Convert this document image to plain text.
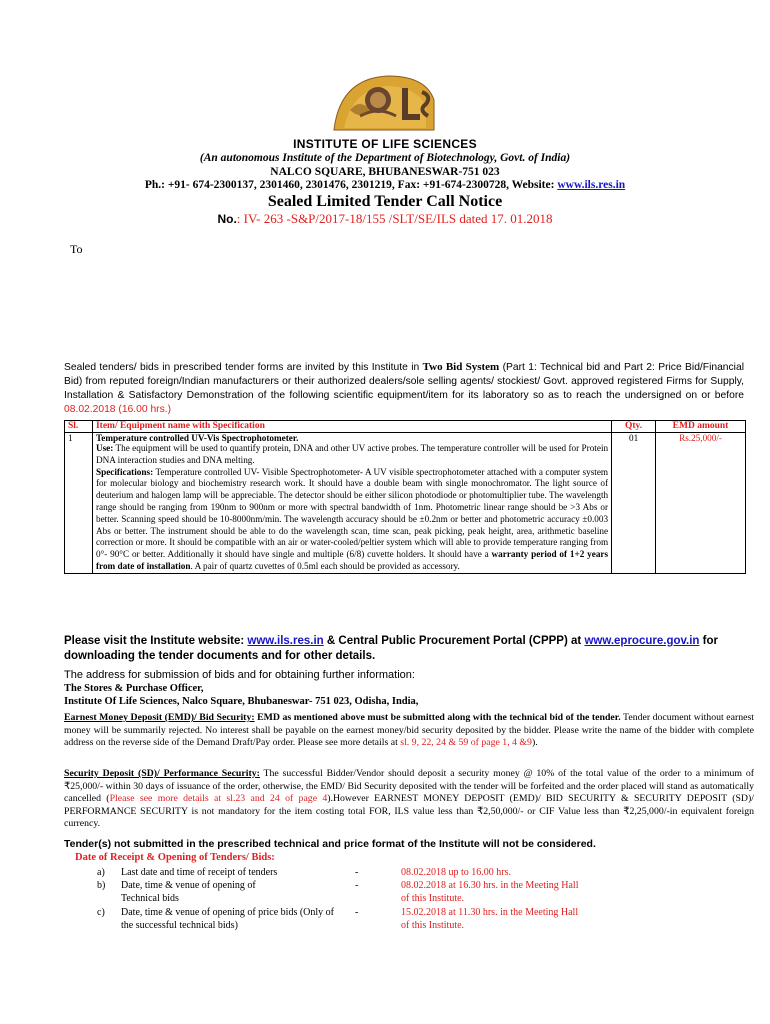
INSTITUTE OF LIFE SCIENCES
(An autonomous Institute of the Department of Biotechnology, Govt. of India)
NALCO SQUARE, BHUBANESWAR-751 023
Ph.: +91- 674-2300137, 2301460, 2301476, 2301219, Fax: +91-674-2300728, Website: www.ils.res.in
Sealed Limited Tender Call Notice
No.: IV- 263 -S&P/2017-18/155 /SLT/SE/ILS dated 17. 01.2018
To
Sealed tenders/ bids in prescribed tender forms are invited by this Institute in Two Bid System (Part 1: Technical bid and Part 2: Price Bid/Financial Bid) from reputed foreign/Indian manufacturers or their authorized dealers/sole selling agents/ stockiest/ Govt. approved registered Firms for Supply, Installation & Satisfactory Demonstration of the following scientific equipment/item for its laboratory so as to reach the undersigned on or before 08.02.2018 (16.00 hrs.)
Sl.	Item/ Equipment name with Specification	Qty.	EMD amount
1	Temperature controlled UV-Vis Spectrophotometer.
Use: The equipment will be used to quantify protein, DNA and other UV active probes. The temperature controller will be used for Protein DNA interaction studies and DNA melting.
Specifications: Temperature controlled UV- Visible Spectrophotometer- A UV visible spectrophotometer attached with a computer system for molecular biology and biochemistry research work. It should have a double beam with single monochromator. The light source of deuterium and halogen lamp will be appreciable. The detector should be either silicon photodiode or photomultiplier tube. The wavelength range should be ranging from 190nm to 900nm or more with spectral bandwidth of 1nm. Photometric linear range should be >3 Abs or better. Scanning speed should be 10-8000nm/min. The wavelength accuracy should be ±0.2nm or better and photometric accuracy ±0.003 Abs or better. The instrument should be able to do the wavelength scan, time scan, peak picking, peak height, area, arithmetic baseline correction or more. It should be compatible with an air or water-cooled/peltier system which will able to provide temperature ranging from 0°- 90°C or better. Additionally it should have single and multiple (6/8) cuvette holders. It should have a warranty period of 1+2 years from date of installation. A pair of quartz cuvettes of 0.5ml each should be provided as accessory.	01	Rs.25,000/-
Please visit the Institute website: www.ils.res.in & Central Public Procurement Portal (CPPP) at www.eprocure.gov.in for downloading the tender documents and for other details.
The address for submission of bids and for obtaining further information:
The Stores & Purchase Officer,
Institute Of Life Sciences, Nalco Square, Bhubaneswar- 751 023, Odisha, India,
Earnest Money Deposit (EMD)/ Bid Security: EMD as mentioned above must be submitted along with the technical bid of the tender. Tender document without earnest money will be summarily rejected. No interest shall be payable on the earnest money/bid security deposited by the bidder. Please write the name of the bidder with complete address on the reverse side of the Demand Draft/Pay order. Please see more details at sl. 9, 22, 24 & 59 of page 1, 4 &9).
Security Deposit (SD)/ Performance Security: The successful Bidder/Vendor should deposit a security money @ 10% of the total value of the order to a minimum of ₹25,000/- within 30 days of issuance of the order, otherwise, the EMD/ Bid Security deposited with the tender will be forfeited and the order placed will stand as automatically cancelled (Please see more details at sl.23 and 24 of page 4).However EARNEST MONEY DEPOSIT (EMD)/ BID SECURITY & SECURITY DEPOSIT (SD)/ PERFORMANCE SECURITY is not mandatory for the item costing total FOR, ILS value less than ₹2,50,000/- or CIF Value less than ₹2,25,000/-in equivalent foreign currency.
Tender(s) not submitted in the prescribed technical and price format of the Institute will not be considered.
Date of Receipt & Opening of Tenders/ Bids:
a) Last date and time of receipt of tenders	-	08.02.2018 up to 16.00 hrs.
b) Date, time & venue of opening of Technical bids
-	08.02.2018 at 16.30 hrs. in the Meeting Hall of this Institute.
c) Date, time & venue of opening of price bids (Only of the successful technical bids)
-	15.02.2018 at 11.30 hrs. in the Meeting Hall of this Institute.
